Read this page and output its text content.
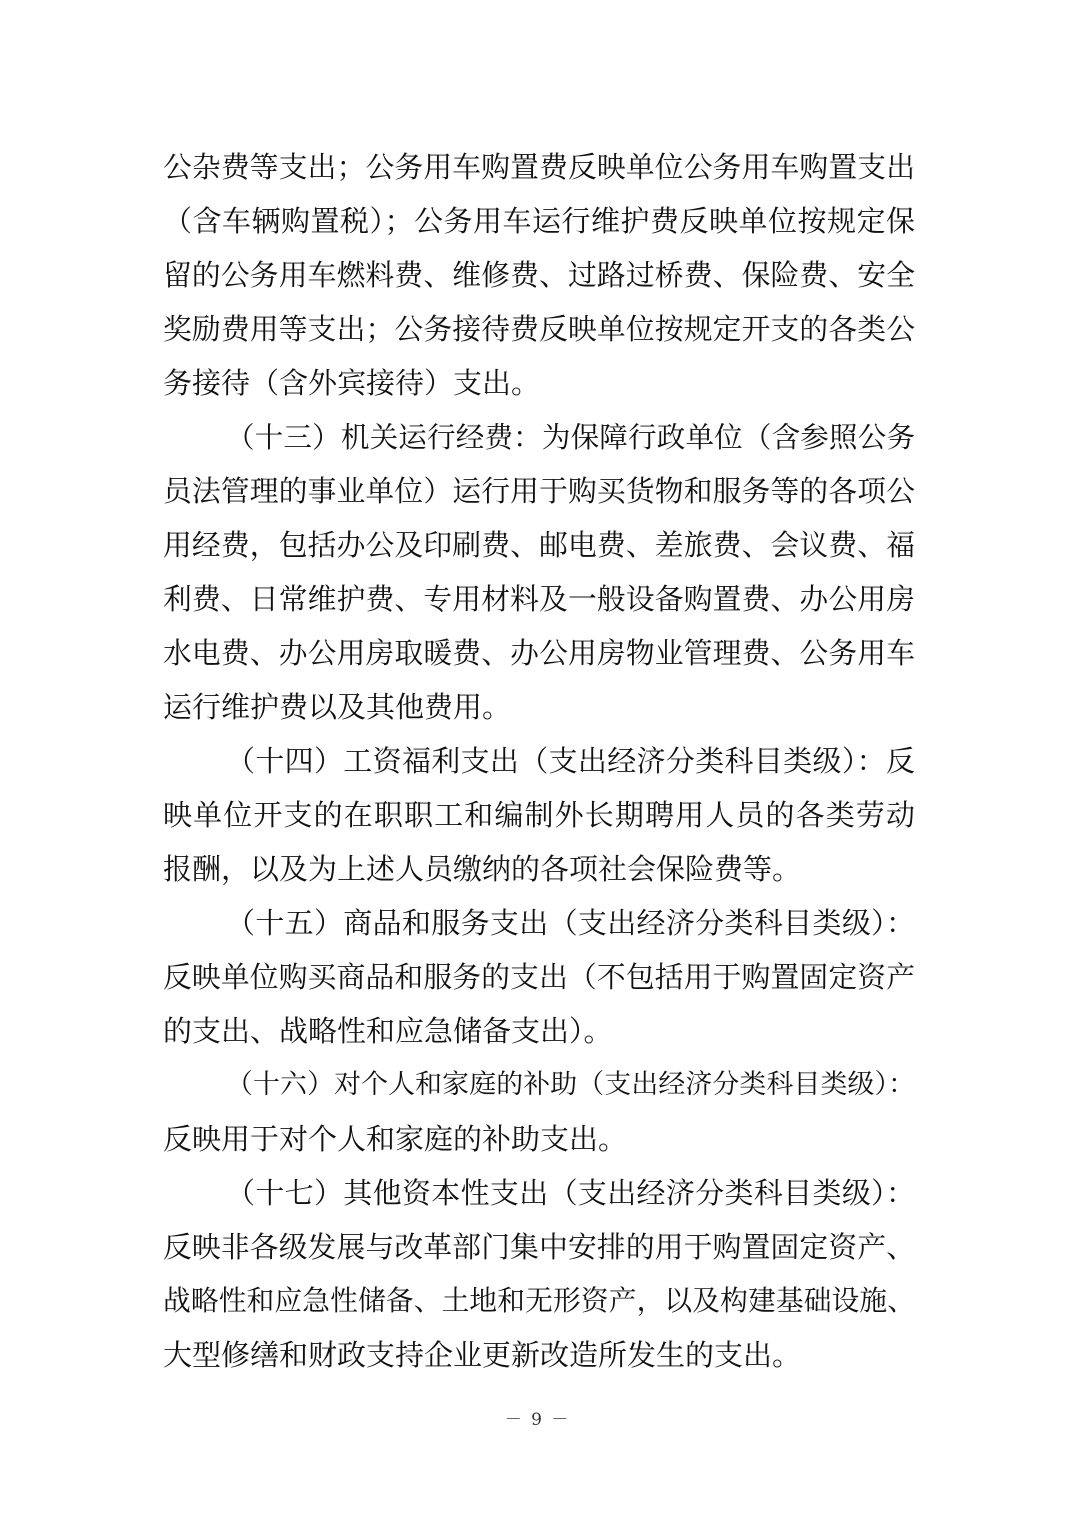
公杂费等支出；公务用车购置费反映单位公务用车购置支出
（含车辆购置税）；公务用车运行维护费反映单位按规定保
留的公务用车燃料费、维修费、过路过桥费、保险费、安全
奖励费用等支出；公务接待费反映单位按规定开支的各类公
务接待（含外宾接待）支出。
（十三）机关运行经费：为保障行政单位（含参照公务
员法管理的事业单位）运行用于购买货物和服务等的各项公
用经费，包括办公及印刷费、邮电费、差旅费、会议费、福
利费、日常维护费、专用材料及一般设备购置费、办公用房
水电费、办公用房取暖费、办公用房物业管理费、公务用车
运行维护费以及其他费用。
（十四）工资福利支出（支出经济分类科目类级）：反
映单位开支的在职职工和编制外长期聘用人员的各类劳动
报酬，以及为上述人员缴纳的各项社会保险费等。
（十五）商品和服务支出（支出经济分类科目类级）：
反映单位购买商品和服务的支出（不包括用于购置固定资产
的支出、战略性和应急储备支出）。
（十六）对个人和家庭的补助（支出经济分类科目类级）：
反映用于对个人和家庭的补助支出。
（十七）其他资本性支出（支出经济分类科目类级）：
反映非各级发展与改革部门集中安排的用于购置固定资产、
战略性和应急性储备、土地和无形资产，以及构建基础设施、
大型修缮和财政支持企业更新改造所发生的支出。
－ 9 －
